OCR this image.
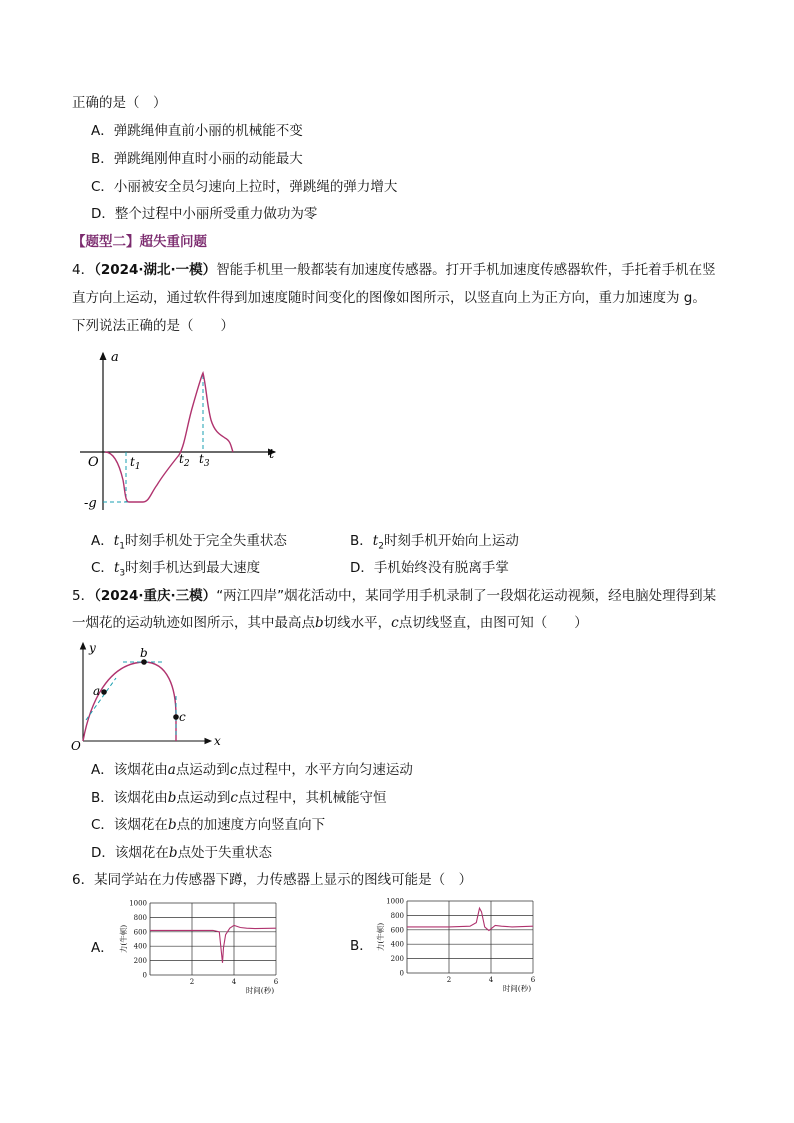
正确的是（　）
A．弹跳绳伸直前小丽的机械能不变
B．弹跳绳刚伸直时小丽的动能最大
C．小丽被安全员匀速向上拉时，弹跳绳的弹力增大
D．整个过程中小丽所受重力做功为零
【题型二】超失重问题
4．（2024·湖北·一模）智能手机里一般都装有加速度传感器。打开手机加速度传感器软件，手托着手机在竖
直方向上运动，通过软件得到加速度随时间变化的图像如图所示，以竖直向上为正方向，重力加速度为 g。
下列说法正确的是（　　）
a
t
O
-g
$t_1$
$t_2$ $t_3$
A．$t_1$时刻手机处于完全失重状态	B．$t_2$时刻手机开始向上运动
C．$t_3$时刻手机达到最大速度	D．手机始终没有脱离手掌
5．（2024·重庆·三模）“两江四岸”烟花活动中，某同学用手机录制了一段烟花运动视频，经电脑处理得到某
一烟花的运动轨迹如图所示，其中最高点b切线水平，c点切线竖直，由图可知（　　）
y
x
O
a
b
c
A．该烟花由a点运动到c点过程中，水平方向匀速运动
B．该烟花由b点运动到c点过程中，其机械能守恒
C．该烟花在b点的加速度方向竖直向下
D．该烟花在b点处于失重状态
6．某同学站在力传感器下蹲，力传感器上显示的图线可能是（　）
A．
1000
800
600
400
200
0
2	4	6
力(牛顿)
时间(秒)
B．
1000
800
600
400
200
0
2	4	6
力(牛顿)
时间(秒)
